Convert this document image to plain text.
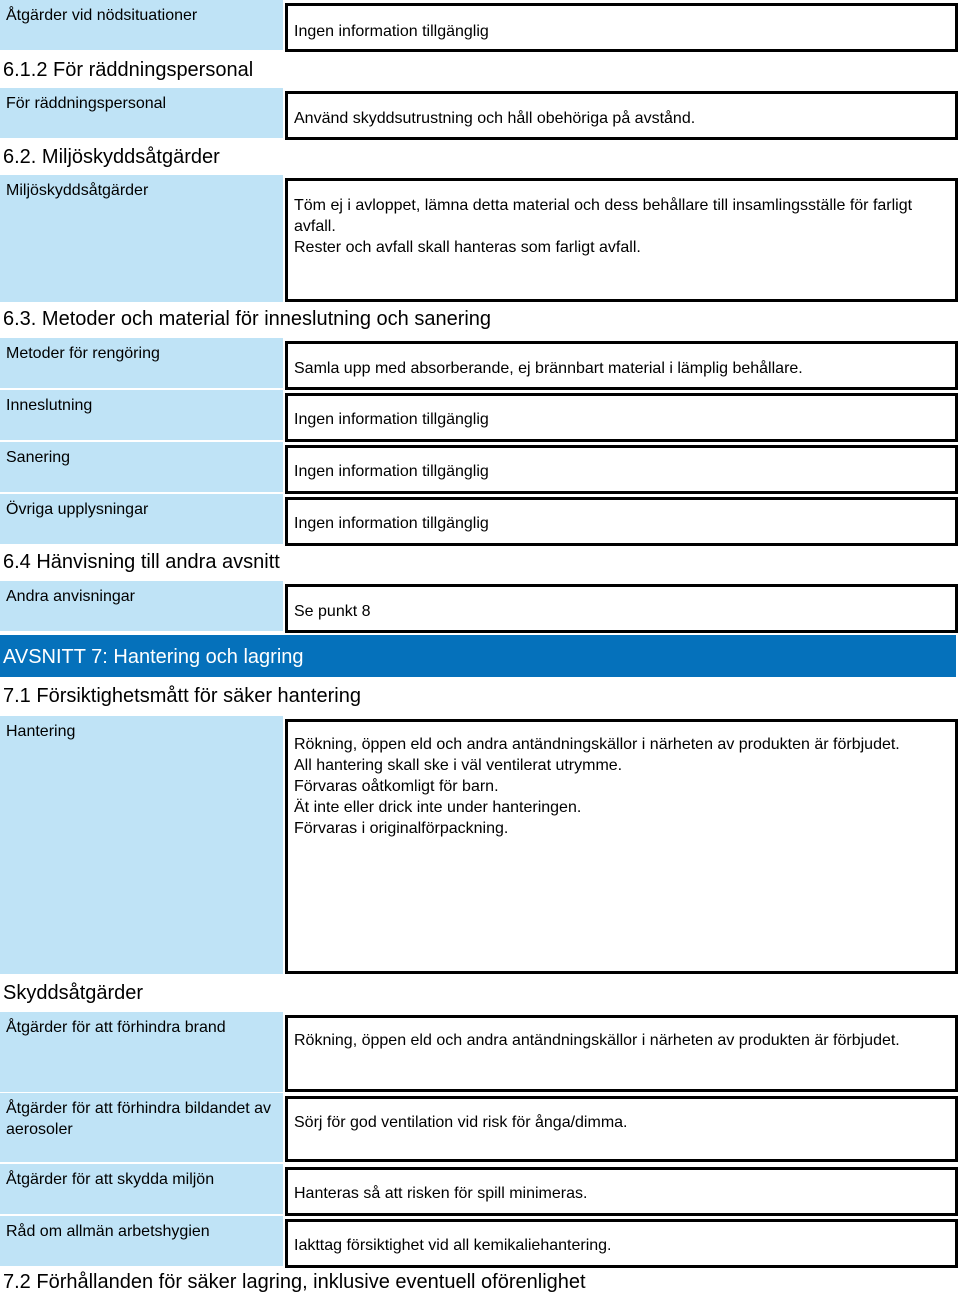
Åtgärder vid nödsituationer
Ingen information tillgänglig
6.1.2 För räddningspersonal
För räddningspersonal
Använd skyddsutrustning och håll obehöriga på avstånd.
6.2. Miljöskyddsåtgärder
Miljöskyddsåtgärder

Töm ej i avloppet, lämna detta material och dess behållare till insamlingsställe för farligt avfall.

Rester och avfall skall hanteras som farligt avfall.

6.3. Metoder och material för inneslutning och sanering
Metoder för rengöring
Samla upp med absorberande, ej brännbart material i lämplig behållare.
Inneslutning
Ingen information tillgänglig
Sanering
Ingen information tillgänglig
Övriga upplysningar
Ingen information tillgänglig
6.4 Hänvisning till andra avsnitt
Andra anvisningar
Se punkt 8
AVSNITT 7: Hantering och lagring
7.1 Försiktighetsmått för säker hantering
Hantering

Rökning, öppen eld och andra antändningskällor i närheten av produkten är förbjudet.

All hantering skall ske i väl ventilerat utrymme.

Förvaras oåtkomligt för barn.

Ät inte eller drick inte under hanteringen.

Förvaras i originalförpackning.

Skyddsåtgärder
Åtgärder för att förhindra brand
Rökning, öppen eld och andra antändningskällor i närheten av produkten är förbjudet.
Åtgärder för att förhindra bildandet av aerosoler	Sörj för god ventilation vid risk för ånga/dimma.
Åtgärder för att skydda miljön
Hanteras så att risken för spill minimeras.
Råd om allmän arbetshygien
Iakttag försiktighet vid all kemikaliehantering.
7.2 Förhållanden för säker lagring, inklusive eventuell oförenlighet
